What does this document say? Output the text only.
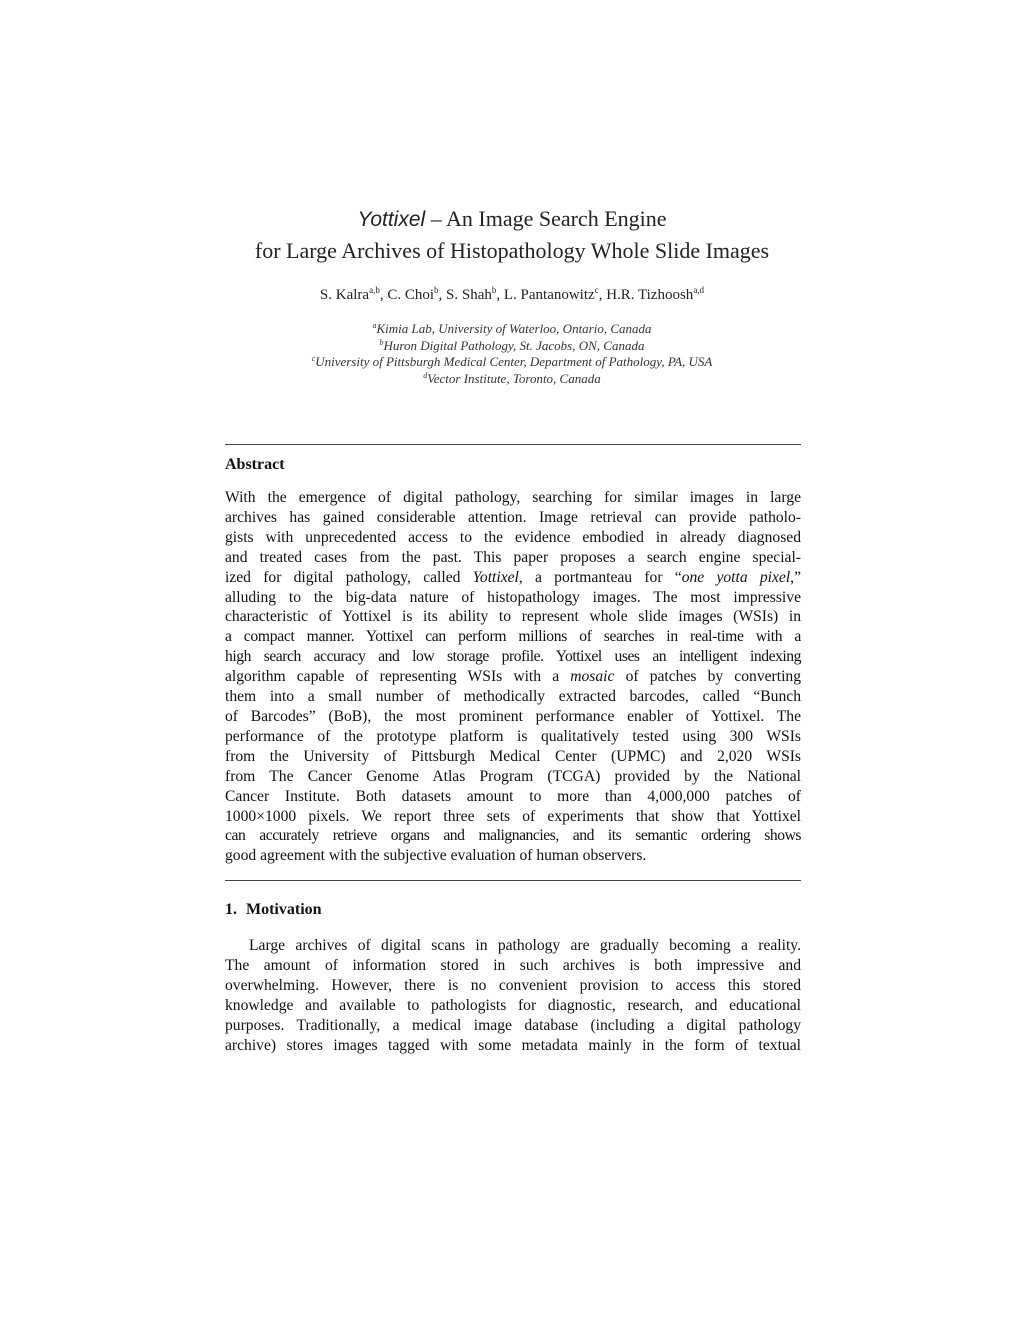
Yottixel – An Image Search Engine
for Large Archives of Histopathology Whole Slide Images
S. Kalra$^{a,b}$, C. Choi$^b$, S. Shah$^b$, L. Pantanowitz$^c$, H.R. Tizhoosh$^{a,d}$
$^a$Kimia Lab, University of Waterloo, Ontario, Canada
$^b$Huron Digital Pathology, St. Jacobs, ON, Canada
$^c$University of Pittsburgh Medical Center, Department of Pathology, PA, USA
$^d$Vector Institute, Toronto, Canada
Abstract
With the emergence of digital pathology, searching for similar images in large
archives has gained considerable attention. Image retrieval can provide patholo-
gists with unprecedented access to the evidence embodied in already diagnosed
and treated cases from the past. This paper proposes a search engine special-
ized for digital pathology, called Yottixel, a portmanteau for “one yotta pixel,”
alluding to the big-data nature of histopathology images. The most impressive
characteristic of Yottixel is its ability to represent whole slide images (WSIs) in
a compact manner. Yottixel can perform millions of searches in real-time with a
high search accuracy and low storage profile. Yottixel uses an intelligent indexing
algorithm capable of representing WSIs with a mosaic of patches by converting
them into a small number of methodically extracted barcodes, called “Bunch
of Barcodes” (BoB), the most prominent performance enabler of Yottixel. The
performance of the prototype platform is qualitatively tested using 300 WSIs
from the University of Pittsburgh Medical Center (UPMC) and 2,020 WSIs
from The Cancer Genome Atlas Program (TCGA) provided by the National
Cancer Institute. Both datasets amount to more than 4,000,000 patches of
1000×1000 pixels. We report three sets of experiments that show that Yottixel
can accurately retrieve organs and malignancies, and its semantic ordering shows
good agreement with the subjective evaluation of human observers.
1. Motivation
Large archives of digital scans in pathology are gradually becoming a reality.
The amount of information stored in such archives is both impressive and
overwhelming. However, there is no convenient provision to access this stored
knowledge and available to pathologists for diagnostic, research, and educational
purposes. Traditionally, a medical image database (including a digital pathology
archive) stores images tagged with some metadata mainly in the form of textual
